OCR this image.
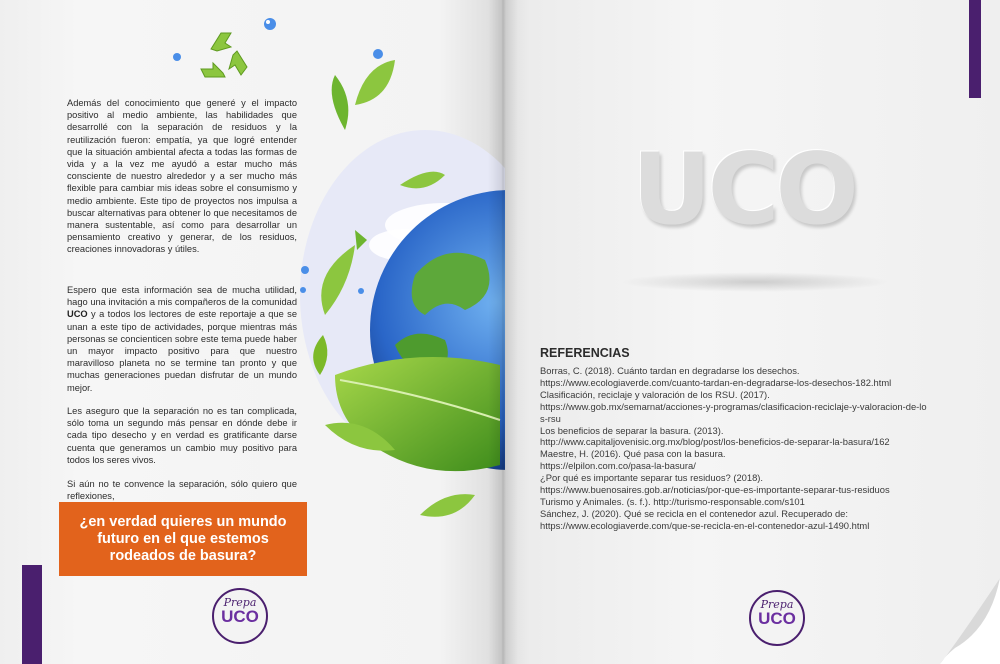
Además del conocimiento que generé y el impacto positivo al medio ambiente, las habilidades que desarrollé con la separación de residuos y la reutilización fueron: empatía, ya que logré entender que la situación ambiental afecta a todas las formas de vida y a la vez me ayudó a estar mucho más consciente de nuestro alrededor y a ser mucho más flexible para cambiar mis ideas sobre el consumismo y medio ambiente. Este tipo de proyectos nos impulsa a buscar alternativas para obtener lo que necesitamos de manera sustentable, así como para desarrollar un pensamiento creativo y generar, de los residuos, creaciones innovadoras y útiles.

Espero que esta información sea de mucha utilidad, hago una invitación a mis compañeros de la comunidad UCO y a todos los lectores de este reportaje a que se unan a este tipo de actividades, porque mientras más personas se concienticen sobre este tema puede haber un mayor impacto positivo para que nuestro maravilloso planeta no se termine tan pronto y que muchas generaciones puedan disfrutar de un mundo mejor.

Les aseguro que la separación no es tan complicada, sólo toma un segundo más pensar en dónde debe ir cada tipo desecho y en verdad es gratificante darse cuenta que generamos un cambio muy positivo para todos los seres vivos.

Si aún no te convence la separación, sólo quiero que reflexiones,

¿en verdad quieres un mundo futuro en el que estemos rodeados de basura?
Prepa
UCO
UCO
REFERENCIAS
Borras, C. (2018). Cuánto tardan en degradarse los desechos.
https://www.ecologiaverde.com/cuanto-tardan-en-degradarse-los-desechos-182.html
Clasificación, reciclaje y valoración de los RSU. (2017).
https://www.gob.mx/semarnat/acciones-y-programas/clasificacion-reciclaje-y-valoracion-de-los-rsu
Los beneficios de separar la basura. (2013).
http://www.capitaljovenisic.org.mx/blog/post/los-beneficios-de-separar-la-basura/162
Maestre, H. (2016). Qué pasa con la basura.
https://elpilon.com.co/pasa-la-basura/
¿Por qué es importante separar tus residuos? (2018).
https://www.buenosaires.gob.ar/noticias/por-que-es-importante-separar-tus-residuos
Turismo y Animales. (s. f.). http://turismo-responsable.com/s101
Sánchez, J. (2020). Qué se recicla en el contenedor azul. Recuperado de:
https://www.ecologiaverde.com/que-se-recicla-en-el-contenedor-azul-1490.html
Prepa
UCO
